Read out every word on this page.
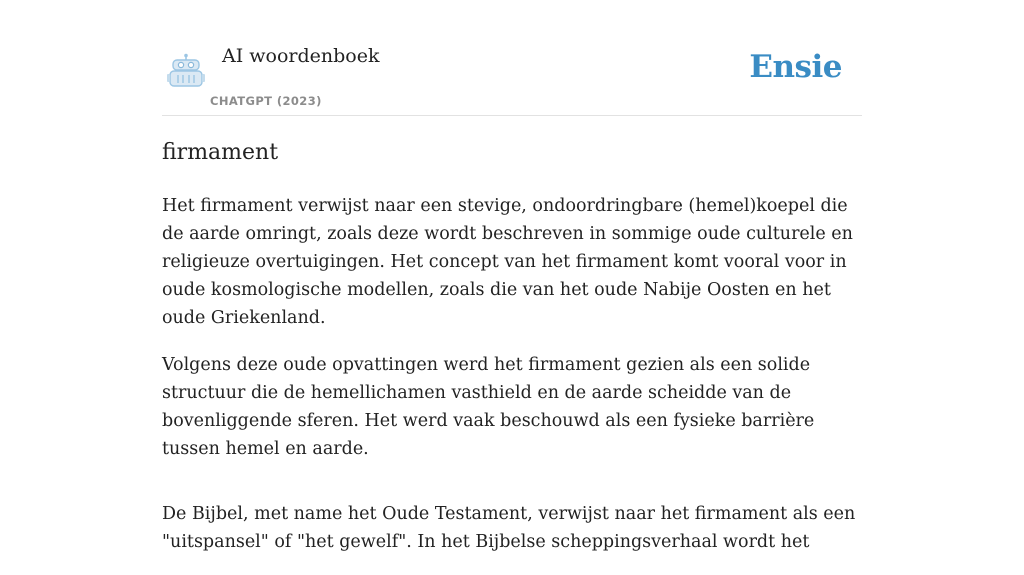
AI woordenboek
CHATGPT (2023)
Ensie
firmament

Het firmament verwijst naar een stevige, ondoordringbare (hemel)koepel die de aarde omringt, zoals deze wordt beschreven in sommige oude culturele en religieuze overtuigingen. Het concept van het firmament komt vooral voor in oude kosmologische modellen, zoals die van het oude Nabije Oosten en het oude Griekenland.

Volgens deze oude opvattingen werd het firmament gezien als een solide structuur die de hemellichamen vasthield en de aarde scheidde van de bovenliggende sferen. Het werd vaak beschouwd als een fysieke barrière tussen hemel en aarde.

De Bijbel, met name het Oude Testament, verwijst naar het firmament als een "uitspansel" of "het gewelf". In het Bijbelse scheppingsverhaal wordt het
